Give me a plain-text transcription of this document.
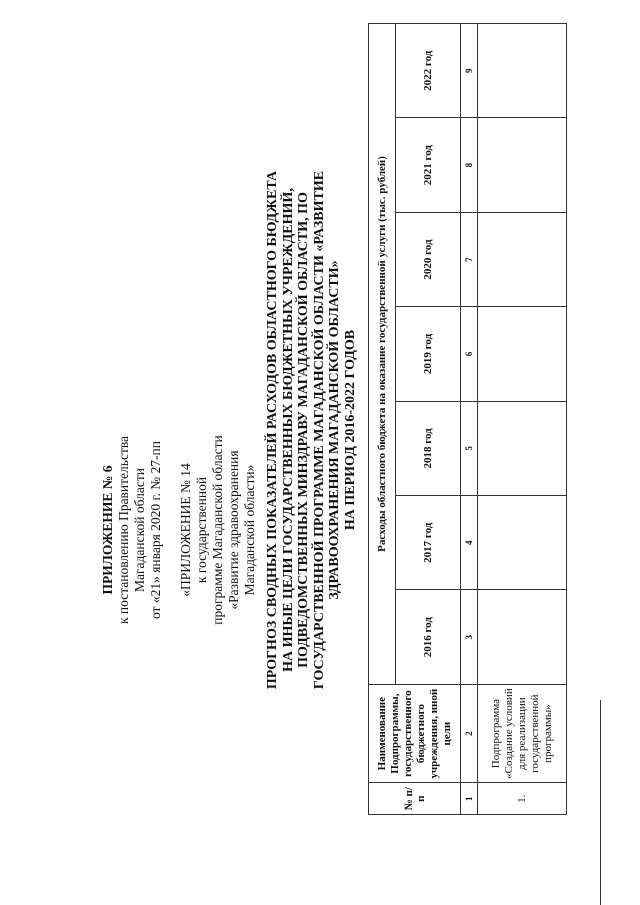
ПРИЛОЖЕНИЕ № 6 к постановлению Правительства Магаданской области от «21» января 2020 г. № 27-пп «ПРИЛОЖЕНИЕ № 14 к государственной программе Магаданской области «Развитие здравоохранения Магаданской области» ПРОГНОЗ СВОДНЫХ ПОКАЗАТЕЛЕЙ РАСХОДОВ ОБЛАСТНОГО БЮДЖЕТА НА ИНЫЕ ЦЕЛИ ГОСУДАРСТВЕННЫХ БЮДЖЕТНЫХ УЧРЕЖДЕНИЙ, ПОДВЕДОМСТВЕННЫХ МИНЗДРАВУ МАГАДАНСКОЙ ОБЛАСТИ, ПО ГОСУДАРСТВЕННОЙ ПРОГРАММЕ МАГАДАНСКОЙ ОБЛАСТИ «РАЗВИТИЕ ЗДРАВООХРАНЕНИЯ МАГАДАНСКОЙ ОБЛАСТИ» НА ПЕРИОД 2016-2022 ГОДОВ
№ п/п	Наименование Подпрограммы, государственного бюджетного учреждения, иной цели	Расходы областного бюджета на оказание государственной услуги (тыс. рублей)						
		2016 год	2017 год	2018 год	2019 год	2020 год	2021 год	2022 год
1	2	3	4	5	6	7	8	9
1.	Подпрограмма «Создание условий для реализации государственной программы»							
